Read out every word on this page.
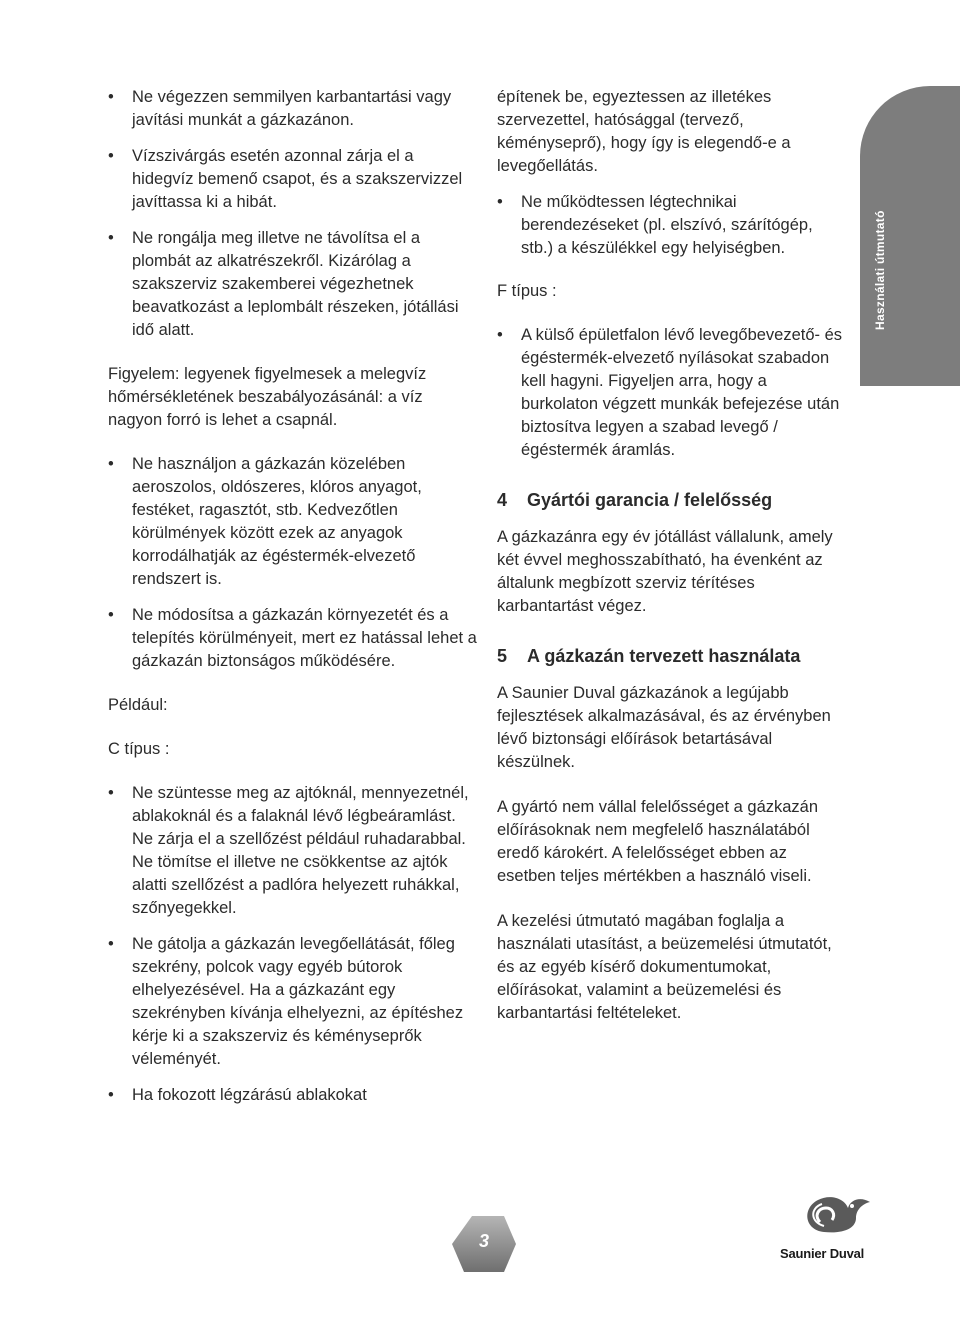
• Ne végezzen semmilyen karbantartási vagy javítási munkát a gázkazánon.
• Vízszivárgás esetén azonnal zárja el a hidegvíz bemenő csapot, és a szakszervizzel javíttassa ki a hibát.
• Ne rongálja meg illetve ne távolítsa el a plombát az alkatrészekről. Kizárólag a szakszerviz szakemberei végezhetnek beavatkozást a leplombált részeken, jótállási idő alatt.

Figyelem: legyenek figyelmesek a melegvíz hőmérsékletének beszabályozásánál: a víz nagyon forró is lehet a csapnál.

• Ne használjon a gázkazán közelében aeroszolos, oldószeres, klóros anyagot, festéket, ragasztót, stb. Kedvezőtlen körülmények között ezek az anyagok korrodálhatják az égéstermék-elvezető rendszert is.
• Ne módosítsa a gázkazán környezetét és a telepítés körülményeit, mert ez hatással lehet a gázkazán biztonságos működésére.

Például:

C típus :

• Ne szüntesse meg az ajtóknál, mennyezetnél, ablakoknál és a falaknál lévő légbeáramlást. Ne zárja el a szellőzést például ruhadarabbal. Ne tömítse el illetve ne csökkentse az ajtók alatti szellőzést a padlóra helyezett ruhákkal, szőnyegekkel.
• Ne gátolja a gázkazán levegőellátását, főleg szekrény, polcok vagy egyéb bútorok elhelyezésével. Ha a gázkazánt egy szekrényben kívánja elhelyezni, az építéshez kérje ki a szakszerviz és kéményseprők véleményét.
• Ha fokozott légzárású ablakokat

építenek be, egyeztessen az illetékes szervezettel, hatósággal (tervező, kéményseprő), hogy így is elegendő-e a levegőellátás.

• Ne működtessen légtechnikai berendezéseket (pl. elszívó, szárítógép, stb.) a készülékkel egy helyiségben.

F típus :

• A külső épületfalon lévő levegőbevezető- és égéstermék-elvezető nyílásokat szabadon kell hagyni. Figyeljen arra, hogy a burkolaton végzett munkák befejezése után biztosítva legyen a szabad levegő / égéstermék áramlás.
4 Gyártói garancia / felelősség

A gázkazánra egy év jótállást vállalunk, amely két évvel meghosszabítható, ha évenként az általunk megbízott szerviz térítéses karbantartást végez.

5 A gázkazán tervezett használata

A Saunier Duval gázkazánok a legújabb fejlesztések alkalmazásával, és az érvényben lévő biztonsági előírások betartásával készülnek.

A gyártó nem vállal felelősséget a gázkazán előírásoknak nem megfelelő használatából eredő károkért. A felelősséget ebben az esetben teljes mértékben a használó viseli.

A kezelési útmutató magában foglalja a használati utasítást, a beüzemelési útmutatót, és az egyéb kísérő dokumentumokat, előírásokat, valamint a beüzemelési és karbantartási feltételeket.

Használati útmutató
3
Saunier Duval
